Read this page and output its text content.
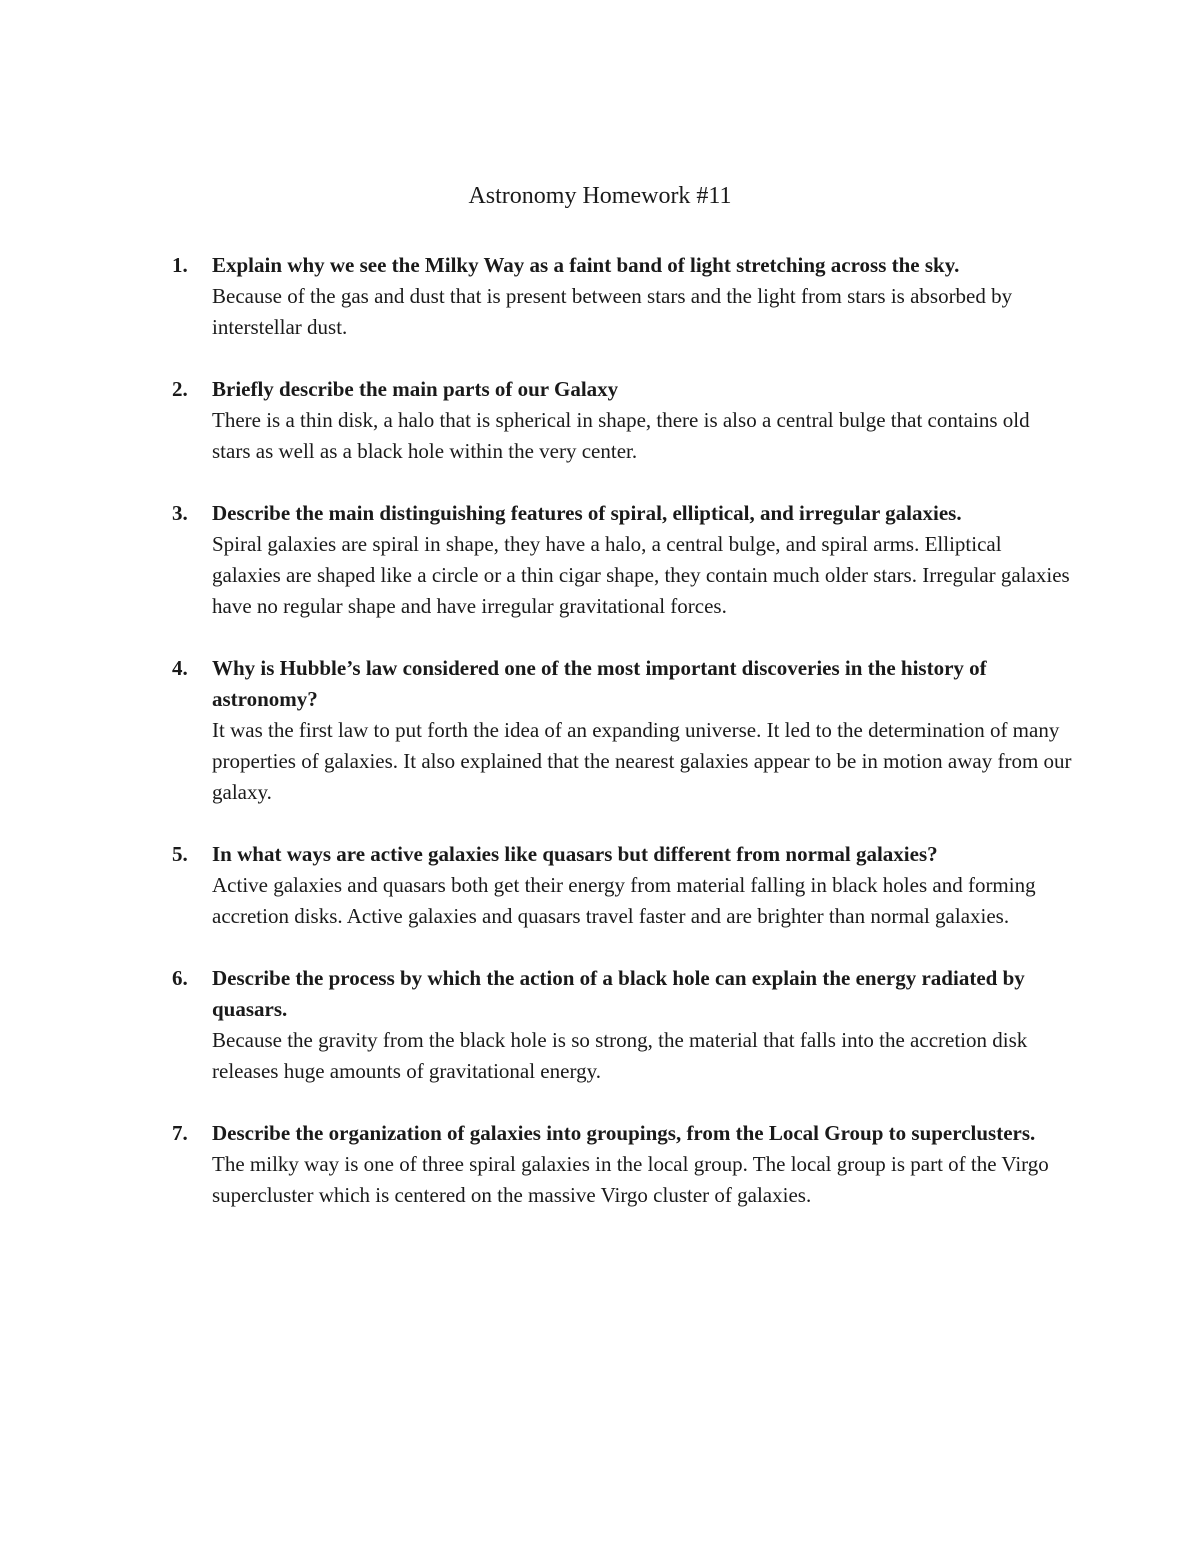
Astronomy Homework #11
1. Explain why we see the Milky Way as a faint band of light stretching across the sky.
Because of the gas and dust that is present between stars and the light from stars is absorbed by interstellar dust.
2. Briefly describe the main parts of our Galaxy
There is a thin disk, a halo that is spherical in shape, there is also a central bulge that contains old stars as well as a black hole within the very center.
3. Describe the main distinguishing features of spiral, elliptical, and irregular galaxies.
Spiral galaxies are spiral in shape, they have a halo, a central bulge, and spiral arms. Elliptical galaxies are shaped like a circle or a thin cigar shape, they contain much older stars. Irregular galaxies have no regular shape and have irregular gravitational forces.
4. Why is Hubble’s law considered one of the most important discoveries in the history of astronomy?
It was the first law to put forth the idea of an expanding universe. It led to the determination of many properties of galaxies. It also explained that the nearest galaxies appear to be in motion away from our galaxy.
5. In what ways are active galaxies like quasars but different from normal galaxies?
Active galaxies and quasars both get their energy from material falling in black holes and forming accretion disks. Active galaxies and quasars travel faster and are brighter than normal galaxies.
6. Describe the process by which the action of a black hole can explain the energy radiated by quasars.
Because the gravity from the black hole is so strong, the material that falls into the accretion disk releases huge amounts of gravitational energy.
7. Describe the organization of galaxies into groupings, from the Local Group to superclusters.
The milky way is one of three spiral galaxies in the local group. The local group is part of the Virgo supercluster which is centered on the massive Virgo cluster of galaxies.
